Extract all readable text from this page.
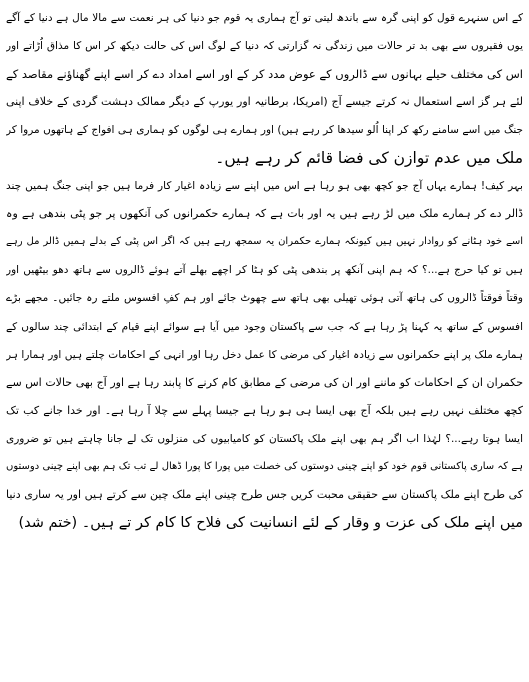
کے اس سنہرے قول کو اپنی گرہ سے باندھ لیتی تو آج ہماری یہ قوم جو دنیا کی ہر نعمت سے مالا مال ہے دنیا کے آگے
یوں فقیروں سے بھی بد تر حالات میں زندگی نہ گزارتی کہ دنیا کے لوگ اس کی حالت دیکھ کر اس کا مذاق اُڑاتے اور
اس کی مختلف حیلے بہانوں سے ڈالروں کے عوض مدد کر کے اور اسے امداد دے کر اسے اپنے گھناؤنے مقاصد کے
لئے ہر گز اسے استعمال نہ کرتے جیسے آج (امریکا، برطانیہ اور یورپ کے دیگر ممالک دہشت گردی کے خلاف اپنی
جنگ میں اسے سامنے رکھ کر اپنا اُلو سیدھا کر رہے ہیں) اور ہمارے ہی لوگوں کو ہماری ہی افواج کے ہاتھوں مروا کر
ملک میں عدم توازن کی فضا قائم کر رہے ہیں۔
بہر کیف! ہمارے یہاں آج جو کچھ بھی ہو رہا ہے اس میں اپنے سے زیادہ اغیار کار فرما ہیں جو اپنی جنگ ہمیں چند
ڈالر دے کر ہمارے ملک میں لڑ رہے ہیں یہ اور بات ہے کہ ہمارے حکمرانوں کی آنکھوں پر جو پٹی بندھی ہے وہ
اسے خود ہٹانے کو روادار نہیں ہیں کیونکہ ہمارے حکمران یہ سمجھ رہے ہیں کہ اگر اس پٹی کے بدلے ہمیں ڈالر مل رہے
ہیں تو کیا حرج ہے...؟ کہ ہم اپنی آنکھ پر بندھی پٹی کو ہٹا کر اچھے بھلے آتے ہوئے ڈالروں سے ہاتھ دھو بیٹھیں اور
وقتاً فوقتاً ڈالروں کی ہاتھ آتی ہوئی تھیلی بھی ہاتھ سے چھوٹ جائے اور ہم کفِ افسوس ملتے رہ جائیں۔ مجھے بڑے
افسوس کے ساتھ یہ کہنا پڑ رہا ہے کہ جب سے پاکستان وجود میں آیا ہے سوائے اپنے قیام کے ابتدائی چند سالوں کے
ہمارے ملک پر اپنے حکمرانوں سے زیادہ اغیار کی مرضی کا عمل دخل رہا اور انہی کے احکامات چلتے ہیں اور ہمارا ہر
حکمران ان کے احکامات کو ماننے اور ان کی مرضی کے مطابق کام کرنے کا پابند رہا ہے اور آج بھی حالات اس سے
کچھ مختلف نہیں رہے ہیں بلکہ آج بھی ایسا ہی ہو رہا ہے جیسا پہلے سے چلا آ رہا ہے۔ اور خدا جانے کب تک
ایسا ہوتا رہے...؟ لہٰذا اب اگر ہم بھی اپنے ملک پاکستان کو کامیابیوں کی منزلوں تک لے جانا چاہتے ہیں تو ضروری
ہے کہ ساری پاکستانی قوم خود کو اپنے چینی دوستوں کی خصلت میں پورا کا پورا ڈھال لے تب تک ہم بھی اپنے چینی دوستوں
کی طرح اپنے ملک پاکستان سے حقیقی محبت کریں جس طرح چینی اپنے ملک چین سے کرتے ہیں اور یہ ساری دنیا
میں اپنے ملک کی عزت و وقار کے لئے انسانیت کی فلاح کا کام کر تے ہیں۔ (ختم شد)
